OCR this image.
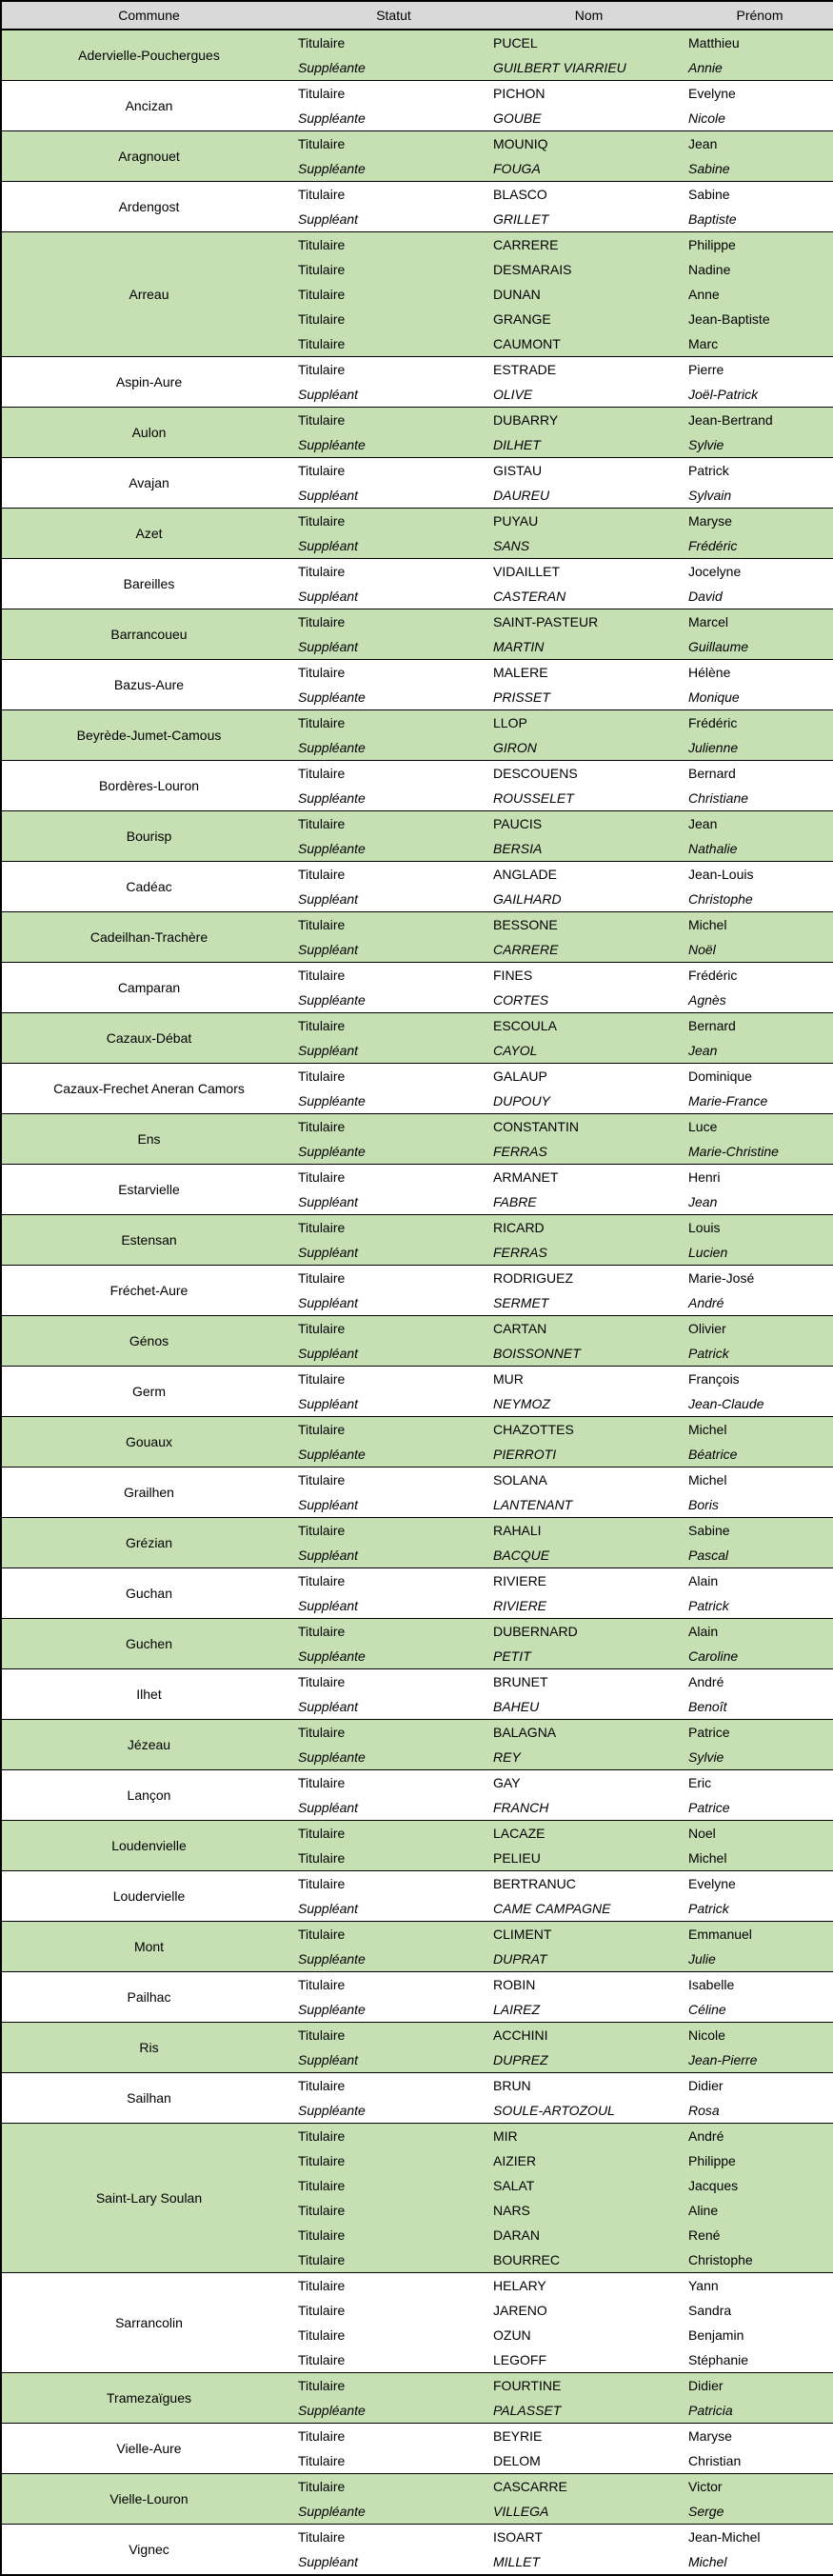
Commune	Statut	Nom	Prénom
Adervielle-Pouchergues	Titulaire	PUCEL	Matthieu
	Suppléante	GUILBERT VIARRIEU	Annie
Ancizan	Titulaire	PICHON	Evelyne
	Suppléante	GOUBE	Nicole
Aragnouet	Titulaire	MOUNIQ	Jean
	Suppléante	FOUGA	Sabine
Ardengost	Titulaire	BLASCO	Sabine
	Suppléant	GRILLET	Baptiste
Arreau	Titulaire	CARRERE	Philippe
	Titulaire	DESMARAIS	Nadine
	Titulaire	DUNAN	Anne
	Titulaire	GRANGE	Jean-Baptiste
	Titulaire	CAUMONT	Marc
Aspin-Aure	Titulaire	ESTRADE	Pierre
	Suppléant	OLIVE	Joël-Patrick
Aulon	Titulaire	DUBARRY	Jean-Bertrand
	Suppléante	DILHET	Sylvie
Avajan	Titulaire	GISTAU	Patrick
	Suppléant	DAUREU	Sylvain
Azet	Titulaire	PUYAU	Maryse
	Suppléant	SANS	Frédéric
Bareilles	Titulaire	VIDAILLET	Jocelyne
	Suppléant	CASTERAN	David
Barrancoueu	Titulaire	SAINT-PASTEUR	Marcel
	Suppléant	MARTIN	Guillaume
Bazus-Aure	Titulaire	MALERE	Hélène
	Suppléante	PRISSET	Monique
Beyrède-Jumet-Camous	Titulaire	LLOP	Frédéric
	Suppléante	GIRON	Julienne
Bordères-Louron	Titulaire	DESCOUENS	Bernard
	Suppléante	ROUSSELET	Christiane
Bourisp	Titulaire	PAUCIS	Jean
	Suppléante	BERSIA	Nathalie
Cadéac	Titulaire	ANGLADE	Jean-Louis
	Suppléant	GAILHARD	Christophe
Cadeilhan-Trachère	Titulaire	BESSONE	Michel
	Suppléant	CARRERE	Noël
Camparan	Titulaire	FINES	Frédéric
	Suppléante	CORTES	Agnès
Cazaux-Débat	Titulaire	ESCOULA	Bernard
	Suppléant	CAYOL	Jean
Cazaux-Frechet Aneran Camors	Titulaire	GALAUP	Dominique
	Suppléante	DUPOUY	Marie-France
Ens	Titulaire	CONSTANTIN	Luce
	Suppléante	FERRAS	Marie-Christine
Estarvielle	Titulaire	ARMANET	Henri
	Suppléant	FABRE	Jean
Estensan	Titulaire	RICARD	Louis
	Suppléant	FERRAS	Lucien
Fréchet-Aure	Titulaire	RODRIGUEZ	Marie-José
	Suppléant	SERMET	André
Génos	Titulaire	CARTAN	Olivier
	Suppléant	BOISSONNET	Patrick
Germ	Titulaire	MUR	François
	Suppléant	NEYMOZ	Jean-Claude
Gouaux	Titulaire	CHAZOTTES	Michel
	Suppléante	PIERROTI	Béatrice
Grailhen	Titulaire	SOLANA	Michel
	Suppléant	LANTENANT	Boris
Grézian	Titulaire	RAHALI	Sabine
	Suppléant	BACQUE	Pascal
Guchan	Titulaire	RIVIERE	Alain
	Suppléant	RIVIERE	Patrick
Guchen	Titulaire	DUBERNARD	Alain
	Suppléante	PETIT	Caroline
Ilhet	Titulaire	BRUNET	André
	Suppléant	BAHEU	Benoît
Jézeau	Titulaire	BALAGNA	Patrice
	Suppléante	REY	Sylvie
Lançon	Titulaire	GAY	Eric
	Suppléant	FRANCH	Patrice
Loudenvielle	Titulaire	LACAZE	Noel
	Titulaire	PELIEU	Michel
Loudervielle	Titulaire	BERTRANUC	Evelyne
	Suppléant	CAME CAMPAGNE	Patrick
Mont	Titulaire	CLIMENT	Emmanuel
	Suppléante	DUPRAT	Julie
Pailhac	Titulaire	ROBIN	Isabelle
	Suppléante	LAIREZ	Céline
Ris	Titulaire	ACCHINI	Nicole
	Suppléant	DUPREZ	Jean-Pierre
Sailhan	Titulaire	BRUN	Didier
	Suppléante	SOULE-ARTOZOUL	Rosa
Saint-Lary Soulan	Titulaire	MIR	André
	Titulaire	AIZIER	Philippe
	Titulaire	SALAT	Jacques
	Titulaire	NARS	Aline
	Titulaire	DARAN	René
	Titulaire	BOURREC	Christophe
Sarrancolin	Titulaire	HELARY	Yann
	Titulaire	JARENO	Sandra
	Titulaire	OZUN	Benjamin
	Titulaire	LEGOFF	Stéphanie
Tramezaïgues	Titulaire	FOURTINE	Didier
	Suppléante	PALASSET	Patricia
Vielle-Aure	Titulaire	BEYRIE	Maryse
	Titulaire	DELOM	Christian
Vielle-Louron	Titulaire	CASCARRE	Victor
	Suppléante	VILLEGA	Serge
Vignec	Titulaire	ISOART	Jean-Michel
	Suppléant	MILLET	Michel
